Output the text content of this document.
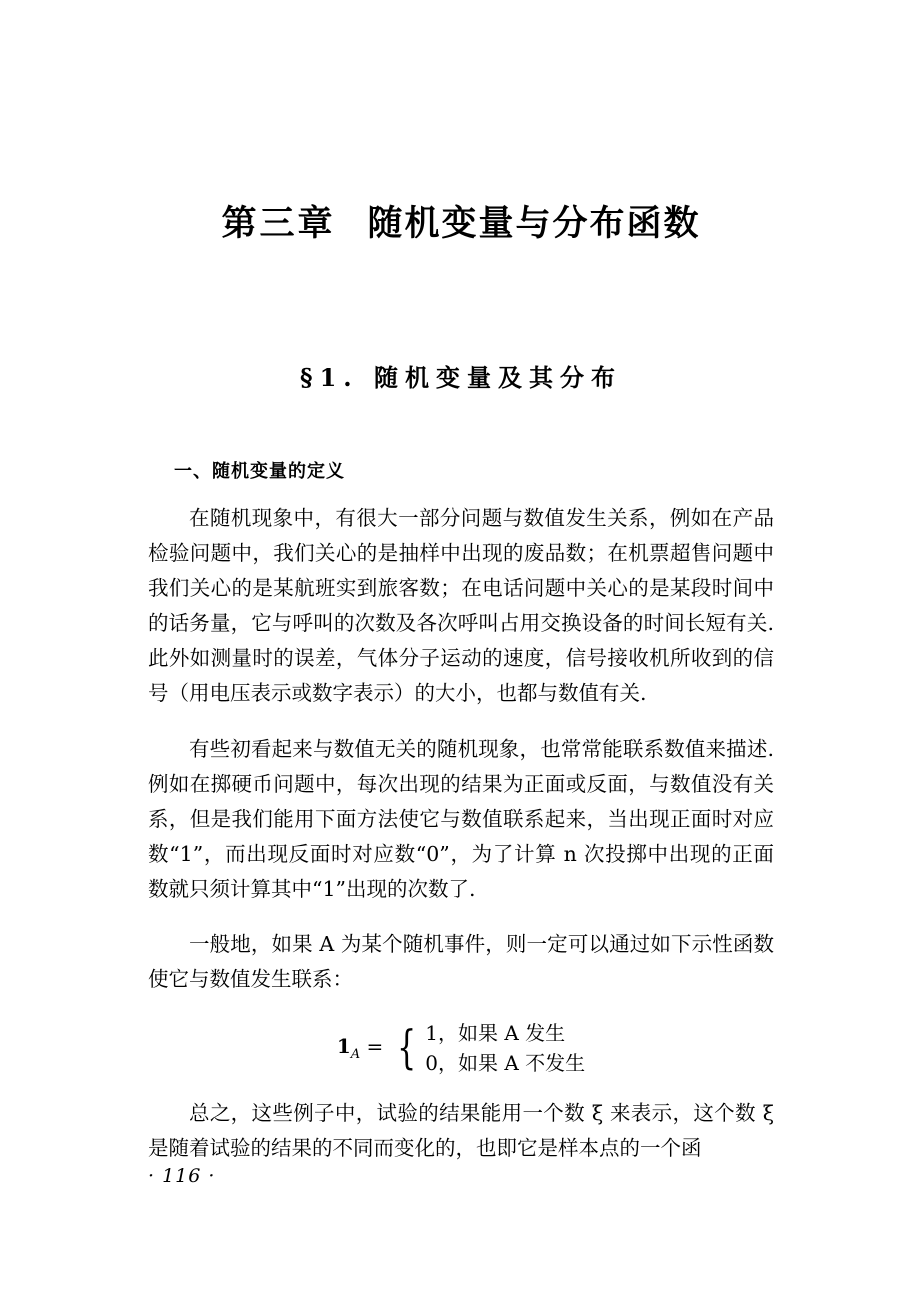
第三章 随机变量与分布函数
§1. 随机变量及其分布
一、随机变量的定义

在随机现象中，有很大一部分问题与数值发生关系，例如在产品检验问题中，我们关心的是抽样中出现的废品数；在机票超售问题中我们关心的是某航班实到旅客数；在电话问题中关心的是某段时间中的话务量，它与呼叫的次数及各次呼叫占用交换设备的时间长短有关. 此外如测量时的误差，气体分子运动的速度，信号接收机所收到的信号（用电压表示或数字表示）的大小，也都与数值有关.

有些初看起来与数值无关的随机现象，也常常能联系数值来描述. 例如在掷硬币问题中，每次出现的结果为正面或反面，与数值没有关系，但是我们能用下面方法使它与数值联系起来，当出现正面时对应数“1”，而出现反面时对应数“0”，为了计算 n 次投掷中出现的正面数就只须计算其中“1”出现的次数了.

一般地，如果 A 为某个随机事件，则一定可以通过如下示性函数使它与数值发生联系：

$1_A$ = { 1，如果 A 发生
0，如果 A 不发生

总之，这些例子中，试验的结果能用一个数 ξ 来表示，这个数 ξ 是随着试验的结果的不同而变化的，也即它是样本点的一个函

· 116 ·
